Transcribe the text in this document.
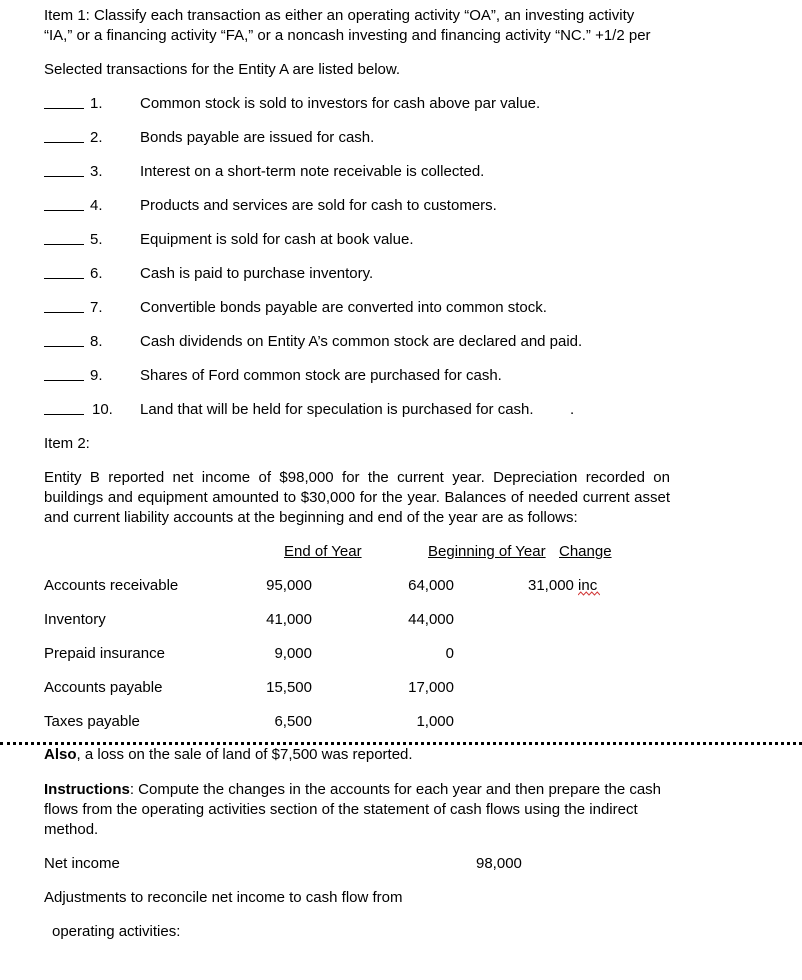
Item 1: Classify each transaction as either an operating activity “OA”, an investing activity
“IA,” or a financing activity “FA,” or a noncash investing and financing activity “NC.” +1/2 per
Selected transactions for the Entity A are listed below.
1.	Common stock is sold to investors for cash above par value.
2.	Bonds payable are issued for cash.
3.	Interest on a short-term note receivable is collected.
4.	Products and services are sold for cash to customers.
5.	Equipment is sold for cash at book value.
6.	Cash is paid to purchase inventory.
7.	Convertible bonds payable are converted into common stock.
8.	Cash dividends on Entity A’s common stock are declared and paid.
9.	Shares of Ford common stock are purchased for cash.
10. Land that will be held for speculation is purchased for cash. .
Item 2:
Entity B reported net income of $98,000 for the current year. Depreciation recorded on buildings and equipment amounted to $30,000 for the year. Balances of needed current asset and current liability accounts at the beginning and end of the year are as follows:
End of Year	Beginning of Year Change
Accounts receivable	95,000	64,000	31,000 inc
Inventory	41,000	44,000
Prepaid insurance	9,000	0
Accounts payable	15,500	17,000
Taxes payable	6,500	1,000
Also, a loss on the sale of land of $7,500 was reported.
Instructions: Compute the changes in the accounts for each year and then prepare the cash flows from the operating activities section of the statement of cash flows using the indirect method.
Net income	98,000
Adjustments to reconcile net income to cash flow from
operating activities:
